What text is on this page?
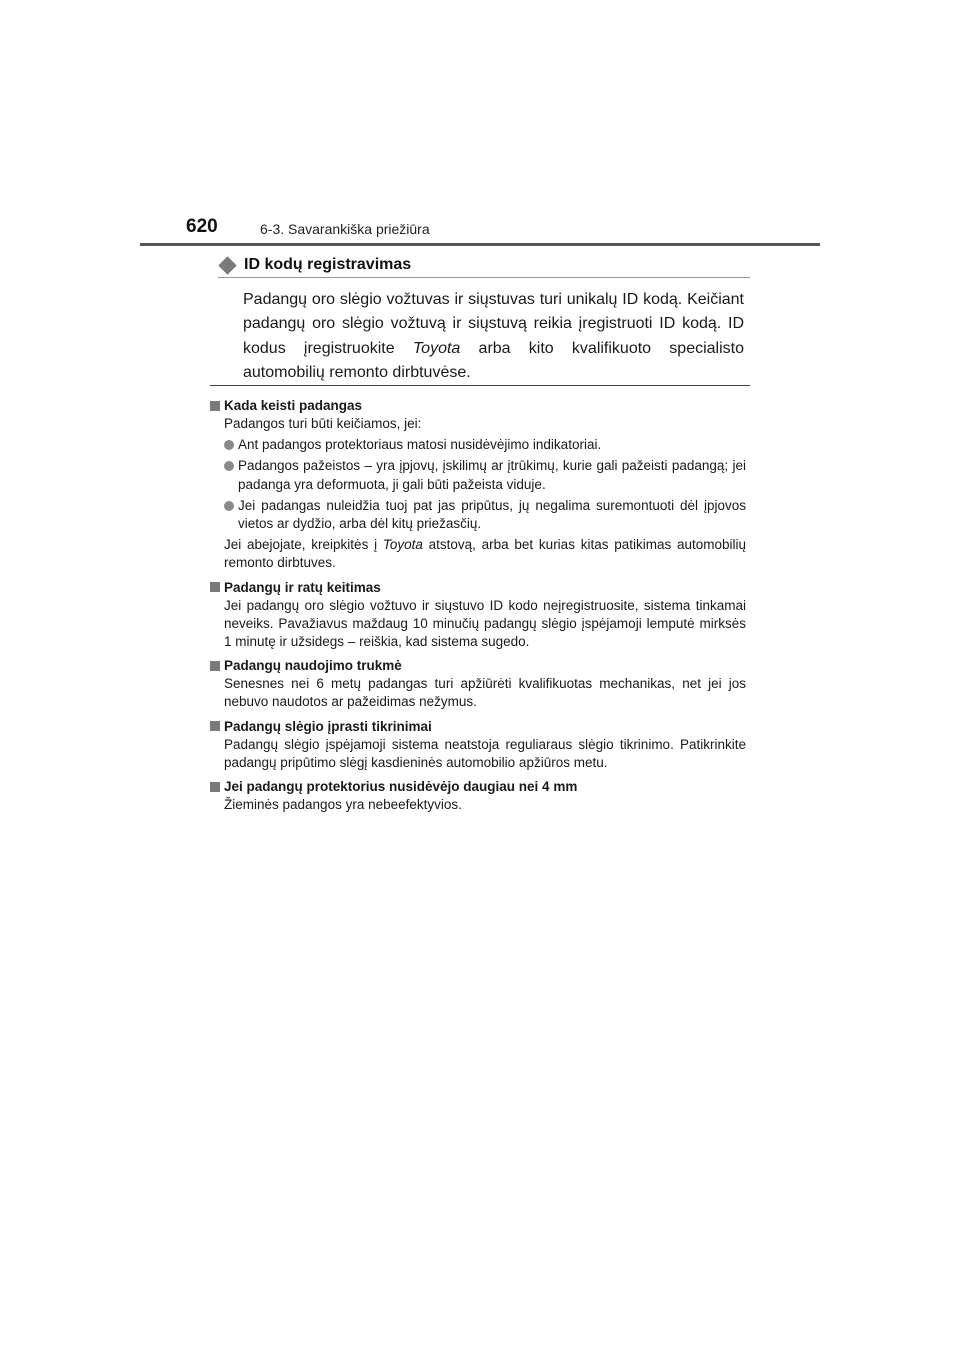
620	6-3. Savarankiška priežiūra
ID kodų registravimas
Padangų oro slėgio vožtuvas ir siųstuvas turi unikalų ID kodą. Keičiant padangų oro slėgio vožtuvą ir siųstuvą reikia įregistruoti ID kodą. ID kodus įregistruokite Toyota arba kito kvalifikuoto specialisto automobilių remonto dirbtuvėse.
Kada keisti padangas
Padangos turi būti keičiamos, jei:
Ant padangos protektoriaus matosi nusidėvėjimo indikatoriai.
Padangos pažeistos – yra įpjovų, įskilimų ar įtrūkimų, kurie gali pažeisti padangą; jei padanga yra deformuota, ji gali būti pažeista viduje.
Jei padangas nuleidžia tuoj pat jas pripūtus, jų negalima suremontuoti dėl įpjovos vietos ar dydžio, arba dėl kitų priežasčių.
Jei abejojate, kreipkitės į Toyota atstovą, arba bet kurias kitas patikimas automobilių remonto dirbtuves.
Padangų ir ratų keitimas
Jei padangų oro slėgio vožtuvo ir siųstuvo ID kodo neįregistruosite, sistema tinkamai neveiks. Pavažiavus maždaug 10 minučių padangų slėgio įspėjamoji lemputė mirksės 1 minutę ir užsidegs – reiškia, kad sistema sugedo.
Padangų naudojimo trukmė
Senesnes nei 6 metų padangas turi apžiūrėti kvalifikuotas mechanikas, net jei jos nebuvo naudotos ar pažeidimas nežymus.
Padangų slėgio įprasti tikrinimai
Padangų slėgio įspėjamoji sistema neatstoja reguliaraus slėgio tikrinimo. Patikrinkite padangų pripūtimo slėgį kasdieninės automobilio apžiūros metu.
Jei padangų protektorius nusidėvėjo daugiau nei 4 mm
Žieminės padangos yra nebeefektyvios.
